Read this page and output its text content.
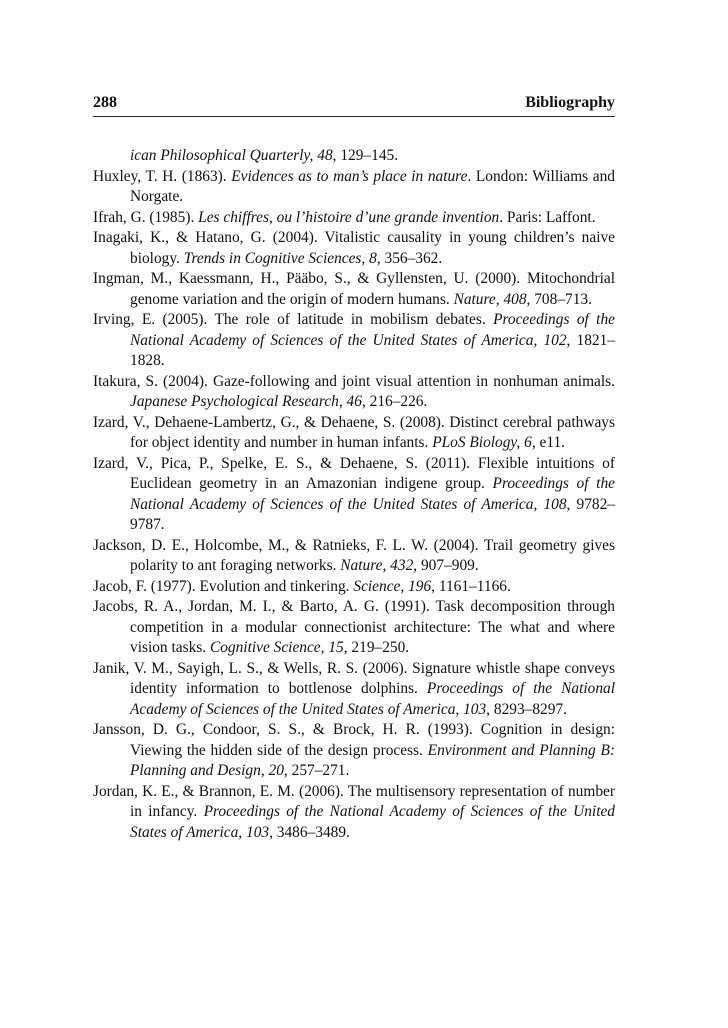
288	Bibliography
ican Philosophical Quarterly, 48, 129–145.
Huxley, T. H. (1863). Evidences as to man’s place in nature. London: Williams and Norgate.
Ifrah, G. (1985). Les chiffres, ou l’histoire d’une grande invention. Paris: Laffont.
Inagaki, K., & Hatano, G. (2004). Vitalistic causality in young children’s naive biology. Trends in Cognitive Sciences, 8, 356–362.
Ingman, M., Kaessmann, H., Pääbo, S., & Gyllensten, U. (2000). Mitochondrial genome variation and the origin of modern humans. Nature, 408, 708–713.
Irving, E. (2005). The role of latitude in mobilism debates. Proceedings of the National Academy of Sciences of the United States of America, 102, 1821–1828.
Itakura, S. (2004). Gaze-following and joint visual attention in nonhuman animals. Japanese Psychological Research, 46, 216–226.
Izard, V., Dehaene-Lambertz, G., & Dehaene, S. (2008). Distinct cerebral pathways for object identity and number in human infants. PLoS Biology, 6, e11.
Izard, V., Pica, P., Spelke, E. S., & Dehaene, S. (2011). Flexible intuitions of Euclidean geometry in an Amazonian indigene group. Proceedings of the National Academy of Sciences of the United States of America, 108, 9782–9787.
Jackson, D. E., Holcombe, M., & Ratnieks, F. L. W. (2004). Trail geometry gives polarity to ant foraging networks. Nature, 432, 907–909.
Jacob, F. (1977). Evolution and tinkering. Science, 196, 1161–1166.
Jacobs, R. A., Jordan, M. I., & Barto, A. G. (1991). Task decomposition through competition in a modular connectionist architecture: The what and where vision tasks. Cognitive Science, 15, 219–250.
Janik, V. M., Sayigh, L. S., & Wells, R. S. (2006). Signature whistle shape conveys identity information to bottlenose dolphins. Proceedings of the National Academy of Sciences of the United States of America, 103, 8293–8297.
Jansson, D. G., Condoor, S. S., & Brock, H. R. (1993). Cognition in design: Viewing the hidden side of the design process. Environment and Planning B: Planning and Design, 20, 257–271.
Jordan, K. E., & Brannon, E. M. (2006). The multisensory representation of number in infancy. Proceedings of the National Academy of Sciences of the United States of America, 103, 3486–3489.
